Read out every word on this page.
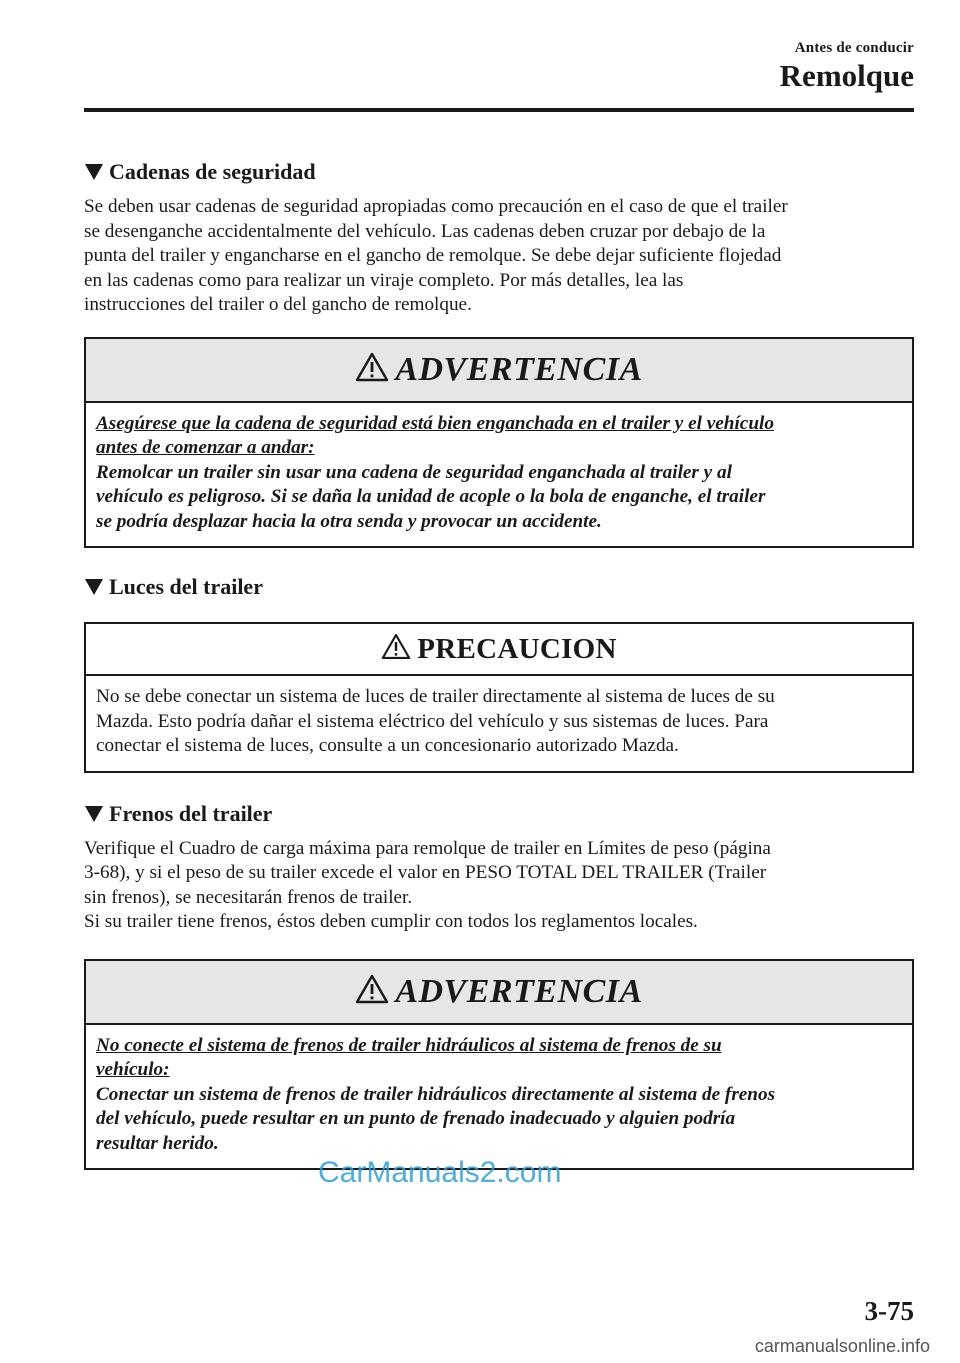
Antes de conducir
Remolque
Cadenas de seguridad

Se deben usar cadenas de seguridad apropiadas como precaución en el caso de que el trailer
se desenganche accidentalmente del vehículo. Las cadenas deben cruzar por debajo de la
punta del trailer y engancharse en el gancho de remolque. Se debe dejar suficiente flojedad
en las cadenas como para realizar un viraje completo. Por más detalles, lea las
instrucciones del trailer o del gancho de remolque.

ADVERTENCIA
Asegúrese que la cadena de seguridad está bien enganchada en el trailer y el vehículo
antes de comenzar a andar:
Remolcar un trailer sin usar una cadena de seguridad enganchada al trailer y al
vehículo es peligroso. Si se daña la unidad de acople o la bola de enganche, el trailer
se podría desplazar hacia la otra senda y provocar un accidente.
Luces del trailer
PRECAUCION
No se debe conectar un sistema de luces de trailer directamente al sistema de luces de su
Mazda. Esto podría dañar el sistema eléctrico del vehículo y sus sistemas de luces. Para
conectar el sistema de luces, consulte a un concesionario autorizado Mazda.
Frenos del trailer

Verifique el Cuadro de carga máxima para remolque de trailer en Límites de peso (página
3-68), y si el peso de su trailer excede el valor en PESO TOTAL DEL TRAILER (Trailer
sin frenos), se necesitarán frenos de trailer.
Si su trailer tiene frenos, éstos deben cumplir con todos los reglamentos locales.

ADVERTENCIA
No conecte el sistema de frenos de trailer hidráulicos al sistema de frenos de su
vehículo:
Conectar un sistema de frenos de trailer hidráulicos directamente al sistema de frenos
del vehículo, puede resultar en un punto de frenado inadecuado y alguien podría
resultar herido.
CarManuals2.com
3-75
carmanualsonline.info
